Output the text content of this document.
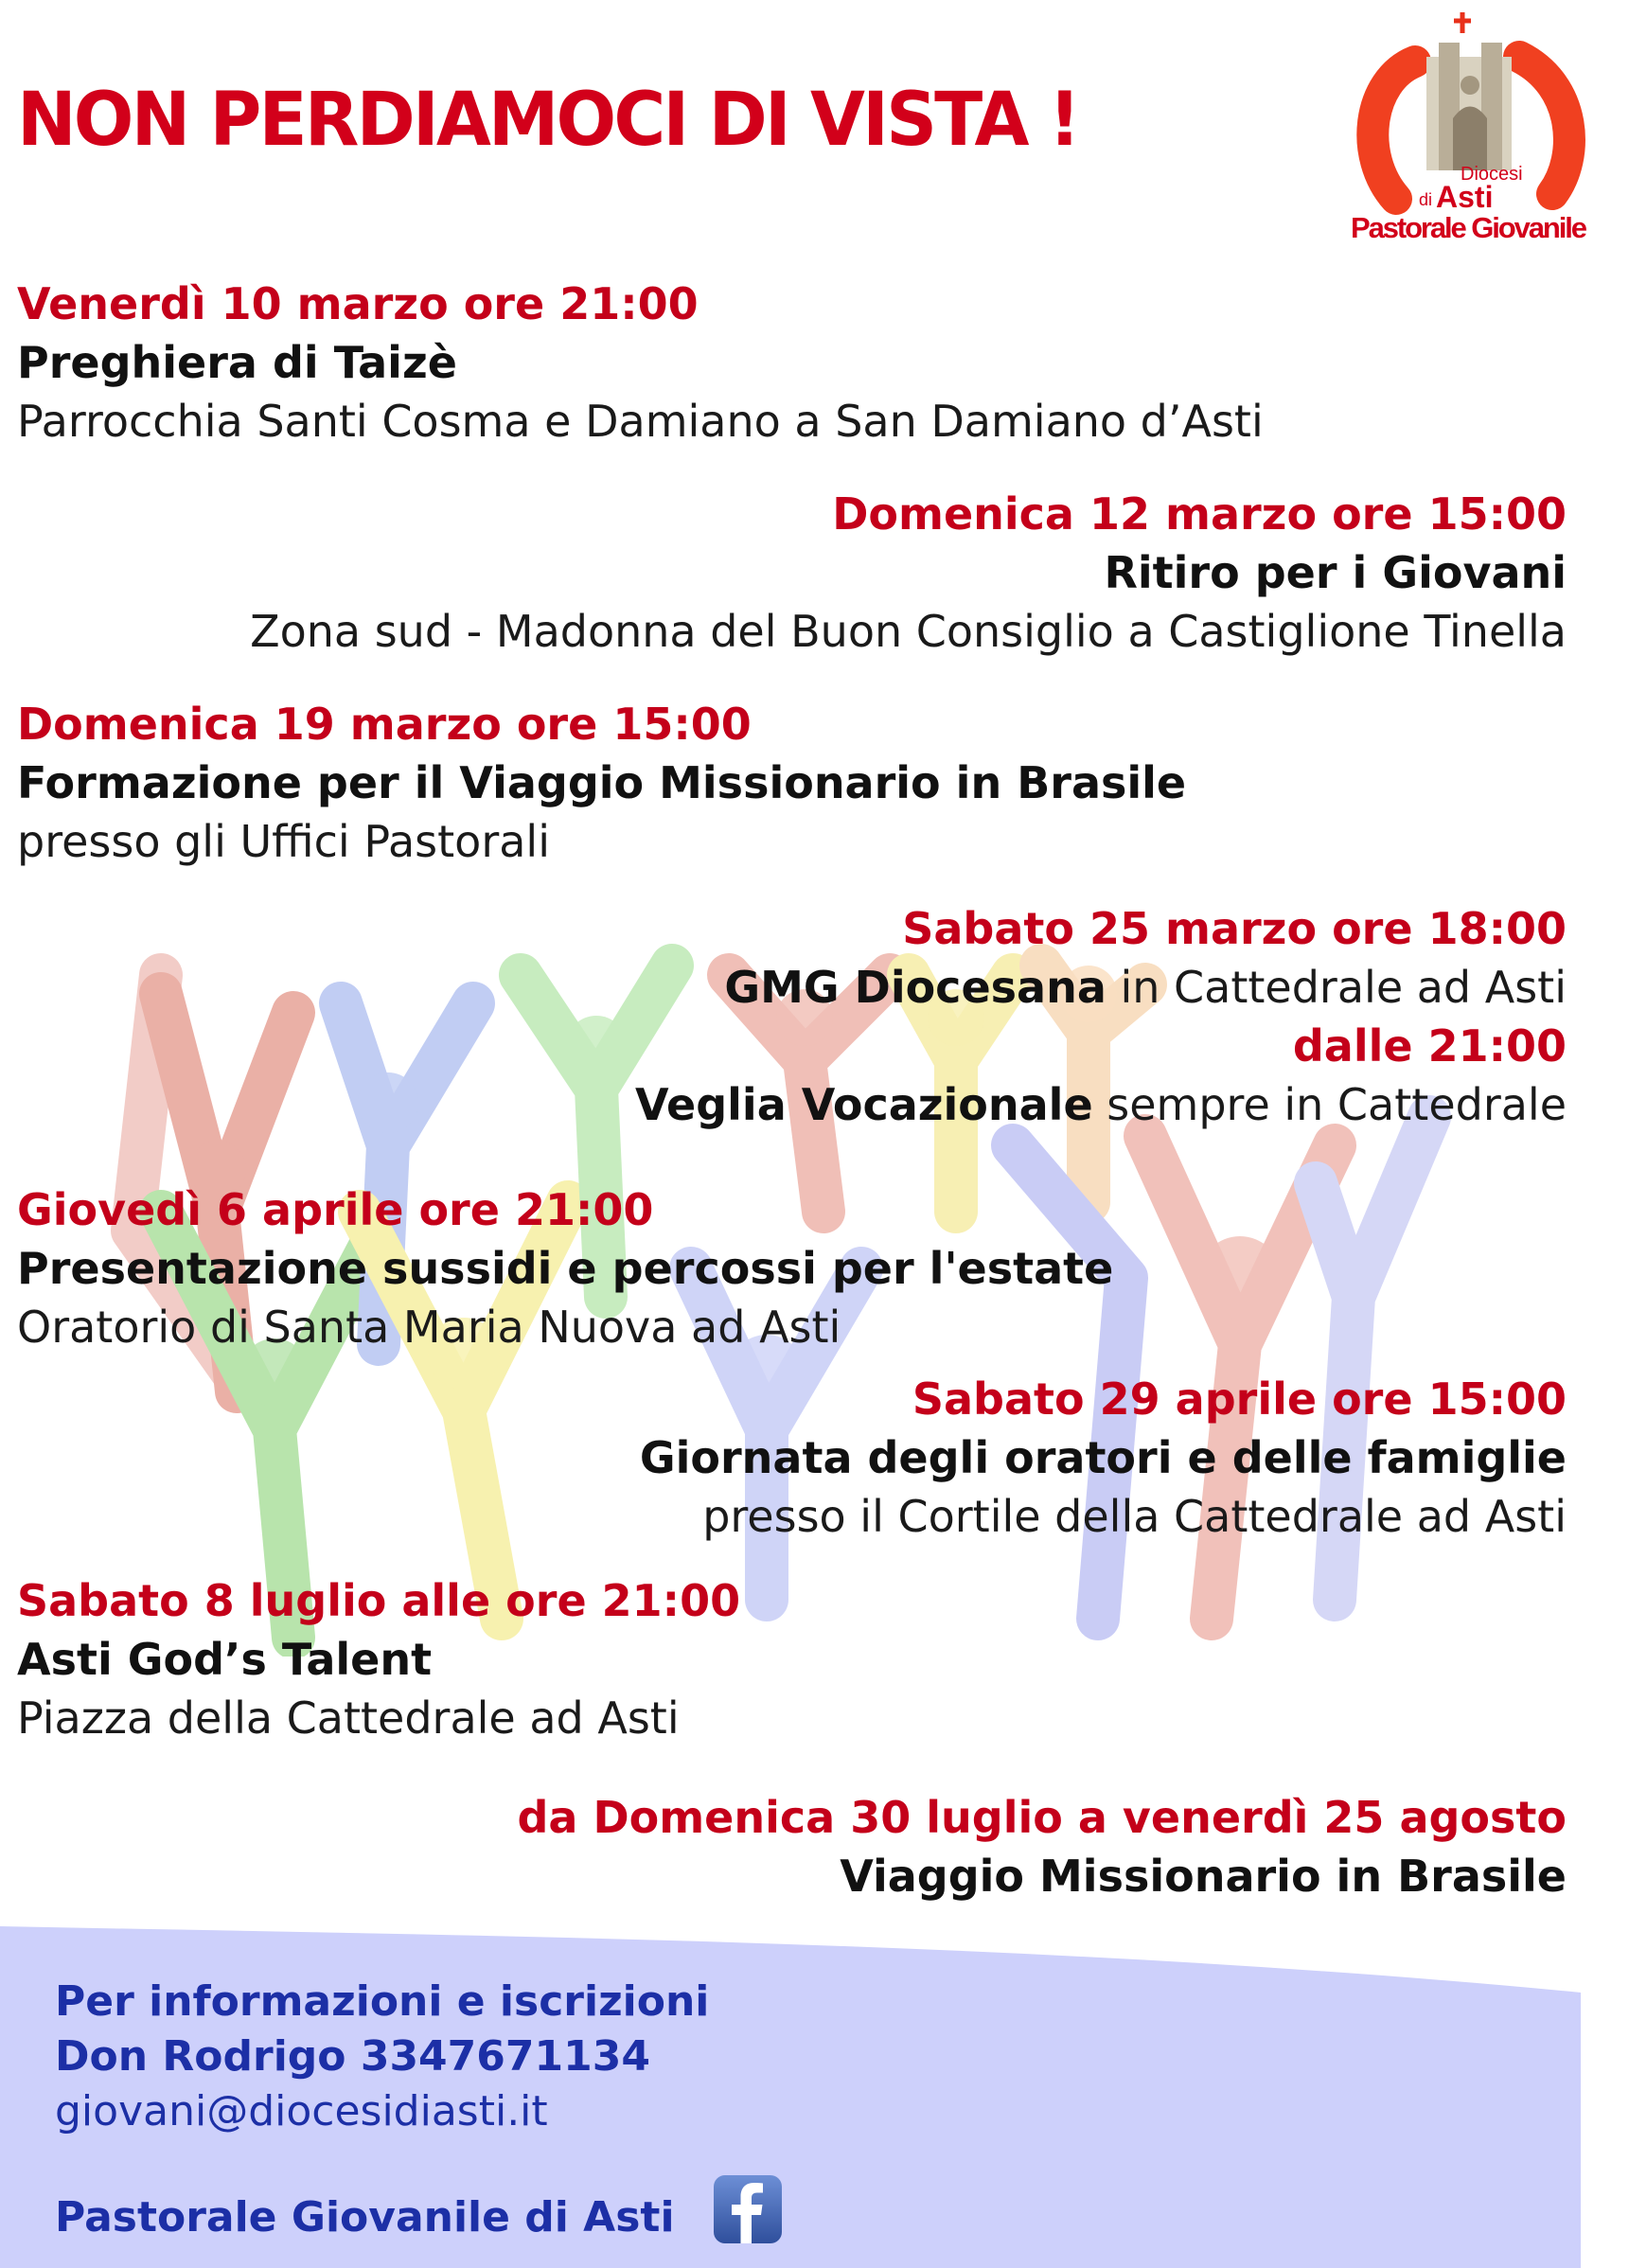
NON PERDIAMOCI DI VISTA !
Diocesi
di Asti
Pastorale Giovanile
Venerdì 10 marzo ore 21:00
Preghiera di Taizè
Parrocchia Santi Cosma e Damiano a San Damiano d’Asti
Domenica 12 marzo ore 15:00
Ritiro per i Giovani
Zona sud - Madonna del Buon Consiglio a Castiglione Tinella
Domenica 19 marzo ore 15:00
Formazione per il Viaggio Missionario in Brasile
presso gli Uffici Pastorali
Sabato 25 marzo ore 18:00
GMG Diocesana in Cattedrale ad Asti
dalle 21:00
Veglia Vocazionale sempre in Cattedrale
Giovedì 6 aprile ore 21:00
Presentazione sussidi e percossi per l'estate
Oratorio di Santa Maria Nuova ad Asti
Sabato 29 aprile ore 15:00
Giornata degli oratori e delle famiglie
presso il Cortile della Cattedrale ad Asti
Sabato 8 luglio alle ore 21:00
Asti God’s Talent
Piazza della Cattedrale ad Asti
da Domenica 30 luglio a venerdì 25 agosto
Viaggio Missionario in Brasile
Per informazioni e iscrizioni
Don Rodrigo 3347671134
giovani@diocesidiasti.it
Pastorale Giovanile di Asti
